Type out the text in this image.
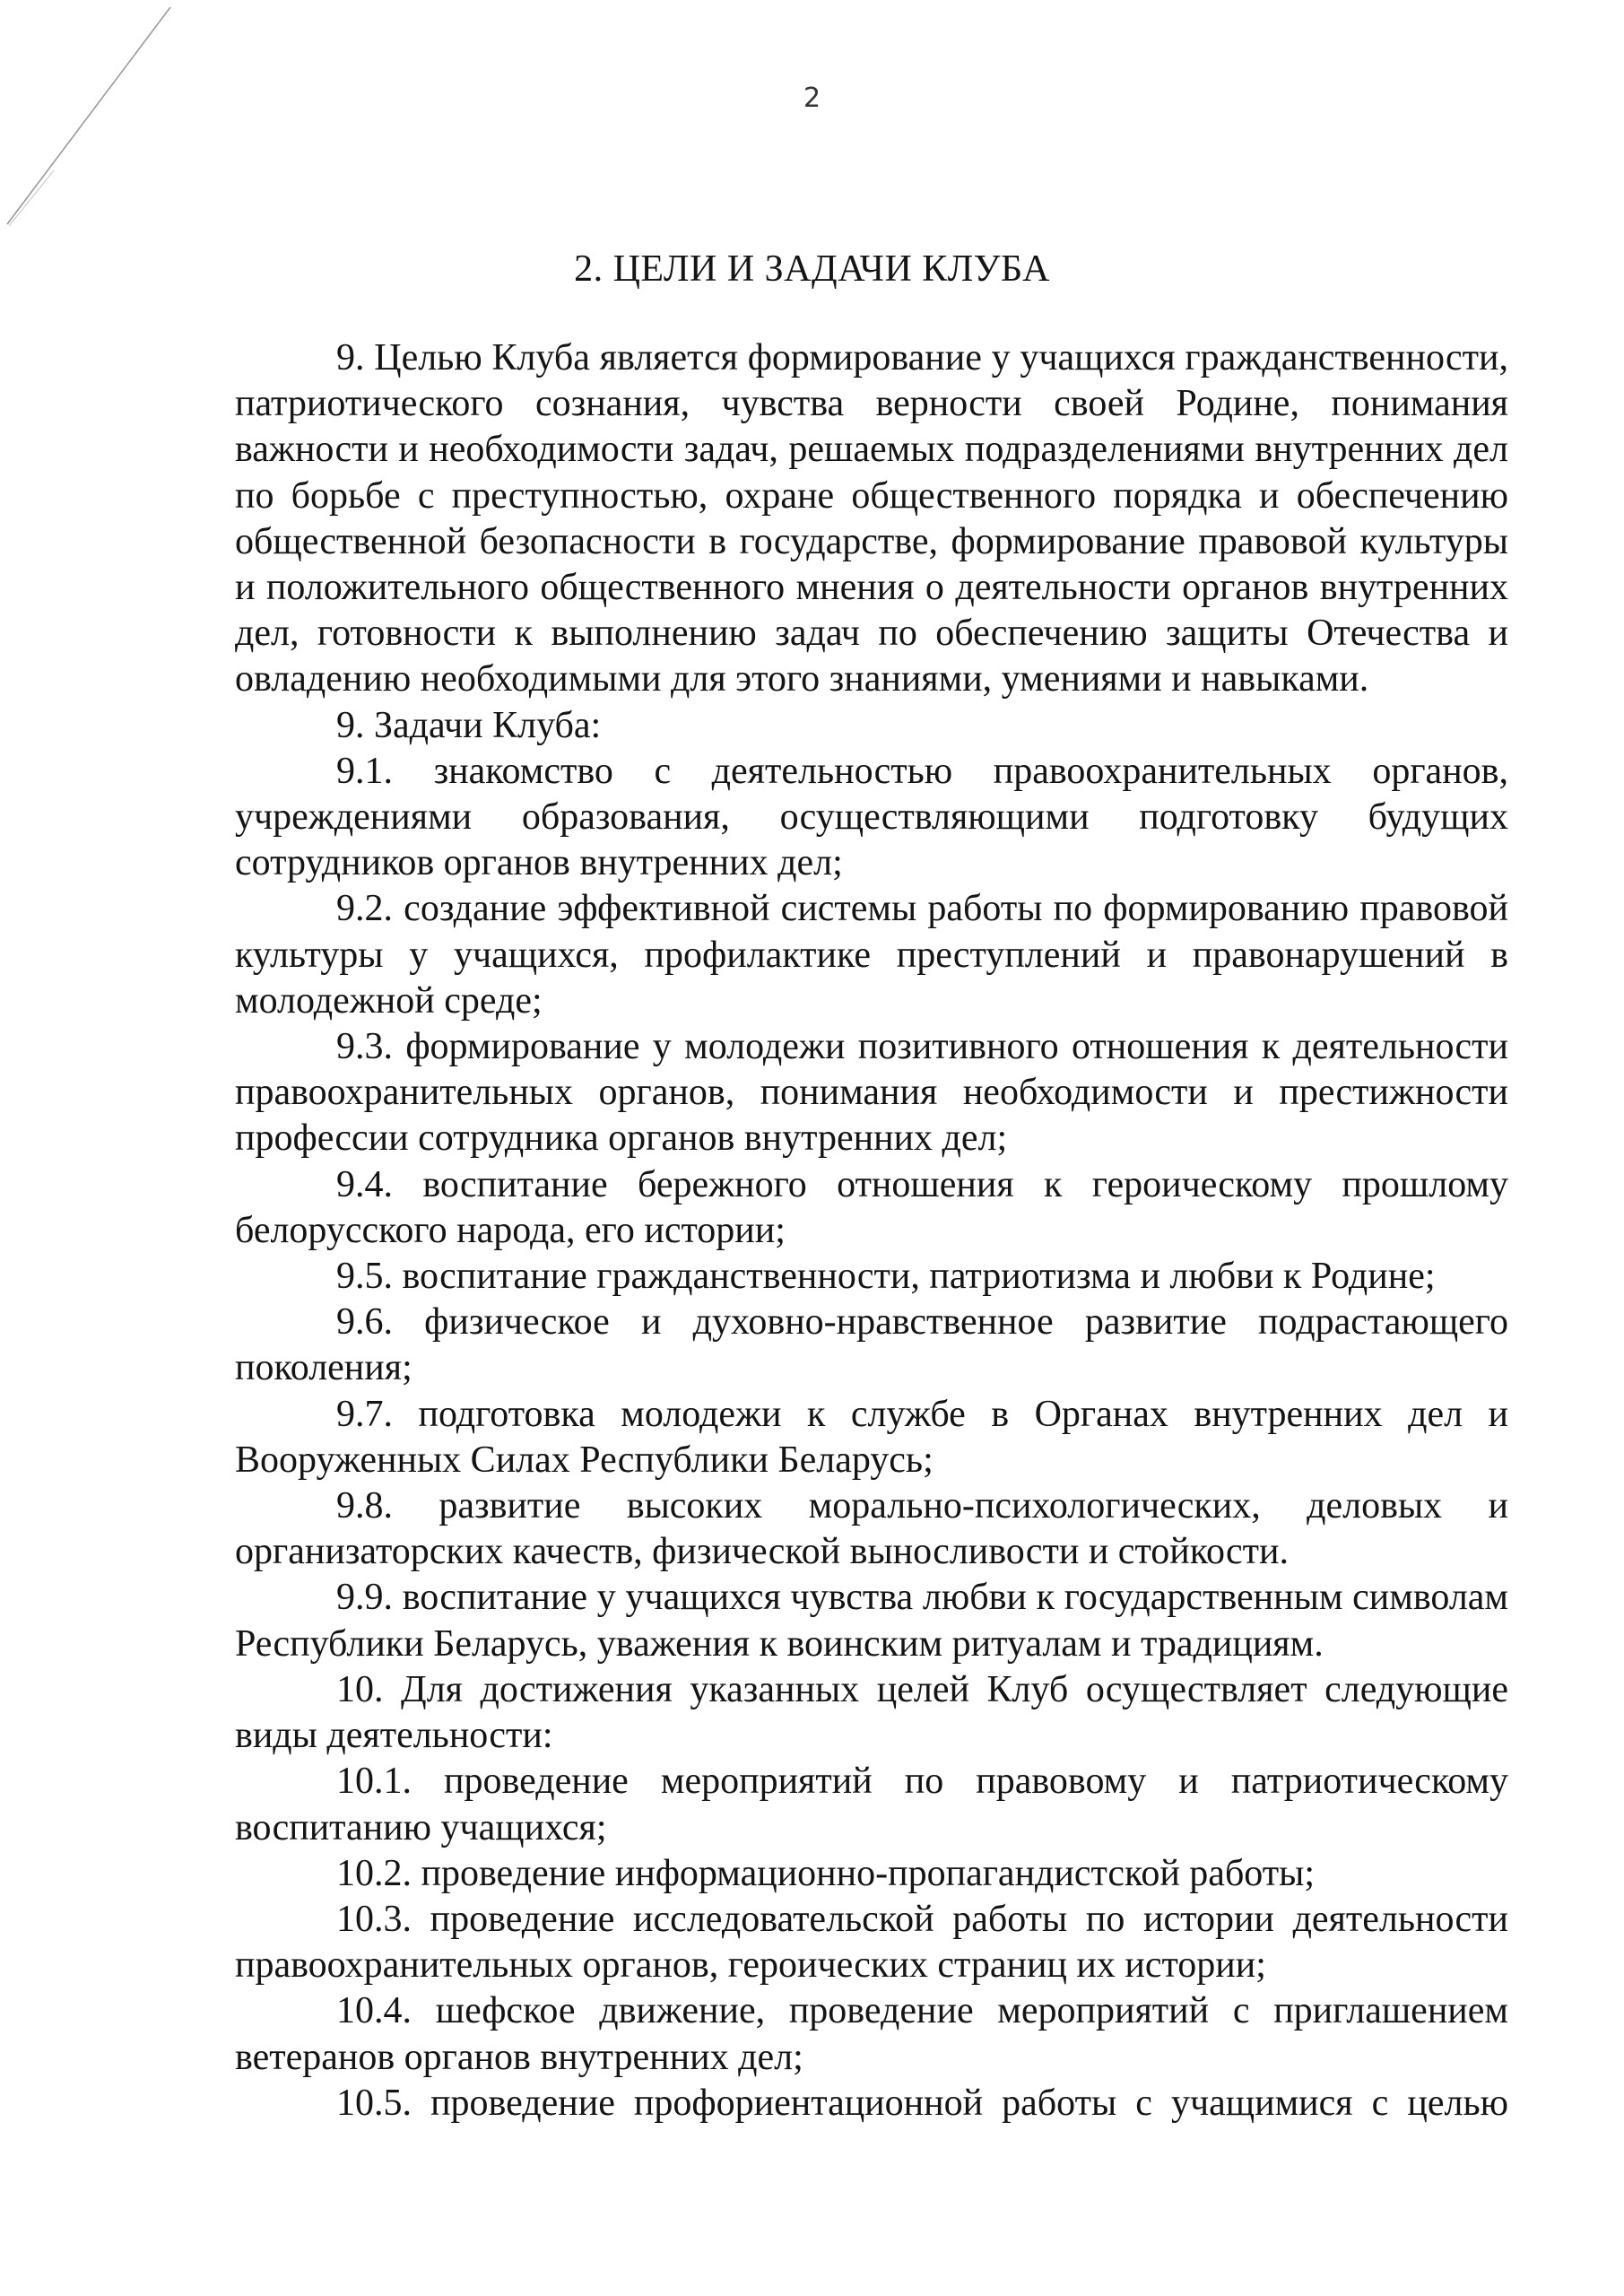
2
2. ЦЕЛИ И ЗАДАЧИ КЛУБА

9. Целью Клуба является формирование у учащихся гражданственности, патриотического сознания, чувства верности своей Родине, понимания важности и необходимости задач, решаемых подразделениями внутренних дел по борьбе с преступностью, охране общественного порядка и обеспечению общественной безопасности в государстве, формирование правовой культуры и положительного общественного мнения о деятельности органов внутренних дел, готовности к выполнению задач по обеспечению защиты Отечества и овладению необходимыми для этого знаниями, умениями и навыками.

9. Задачи Клуба:

9.1. знакомство с деятельностью правоохранительных органов, учреждениями образования, осуществляющими подготовку будущих сотрудников органов внутренних дел;

9.2. создание эффективной системы работы по формированию правовой культуры у учащихся, профилактике преступлений и правонарушений в молодежной среде;

9.3. формирование у молодежи позитивного отношения к деятельности правоохранительных органов, понимания необходимости и престижности профессии сотрудника органов внутренних дел;

9.4. воспитание бережного отношения к героическому прошлому белорусского народа, его истории;

9.5. воспитание гражданственности, патриотизма и любви к Родине;

9.6. физическое и духовно-нравственное развитие подрастающего поколения;

9.7. подготовка молодежи к службе в Органах внутренних дел и Вооруженных Силах Республики Беларусь;

9.8. развитие высоких морально-психологических, деловых и организаторских качеств, физической выносливости и стойкости.

9.9. воспитание у учащихся чувства любви к государственным символам Республики Беларусь, уважения к воинским ритуалам и традициям.

10. Для достижения указанных целей Клуб осуществляет следующие виды деятельности:

10.1. проведение мероприятий по правовому и патриотическому воспитанию учащихся;

10.2. проведение информационно-пропагандистской работы;

10.3. проведение исследовательской работы по истории деятельности правоохранительных органов, героических страниц их истории;

10.4. шефское движение, проведение мероприятий с приглашением ветеранов органов внутренних дел;

10.5. проведение профориентационной работы с учащимися с целью
